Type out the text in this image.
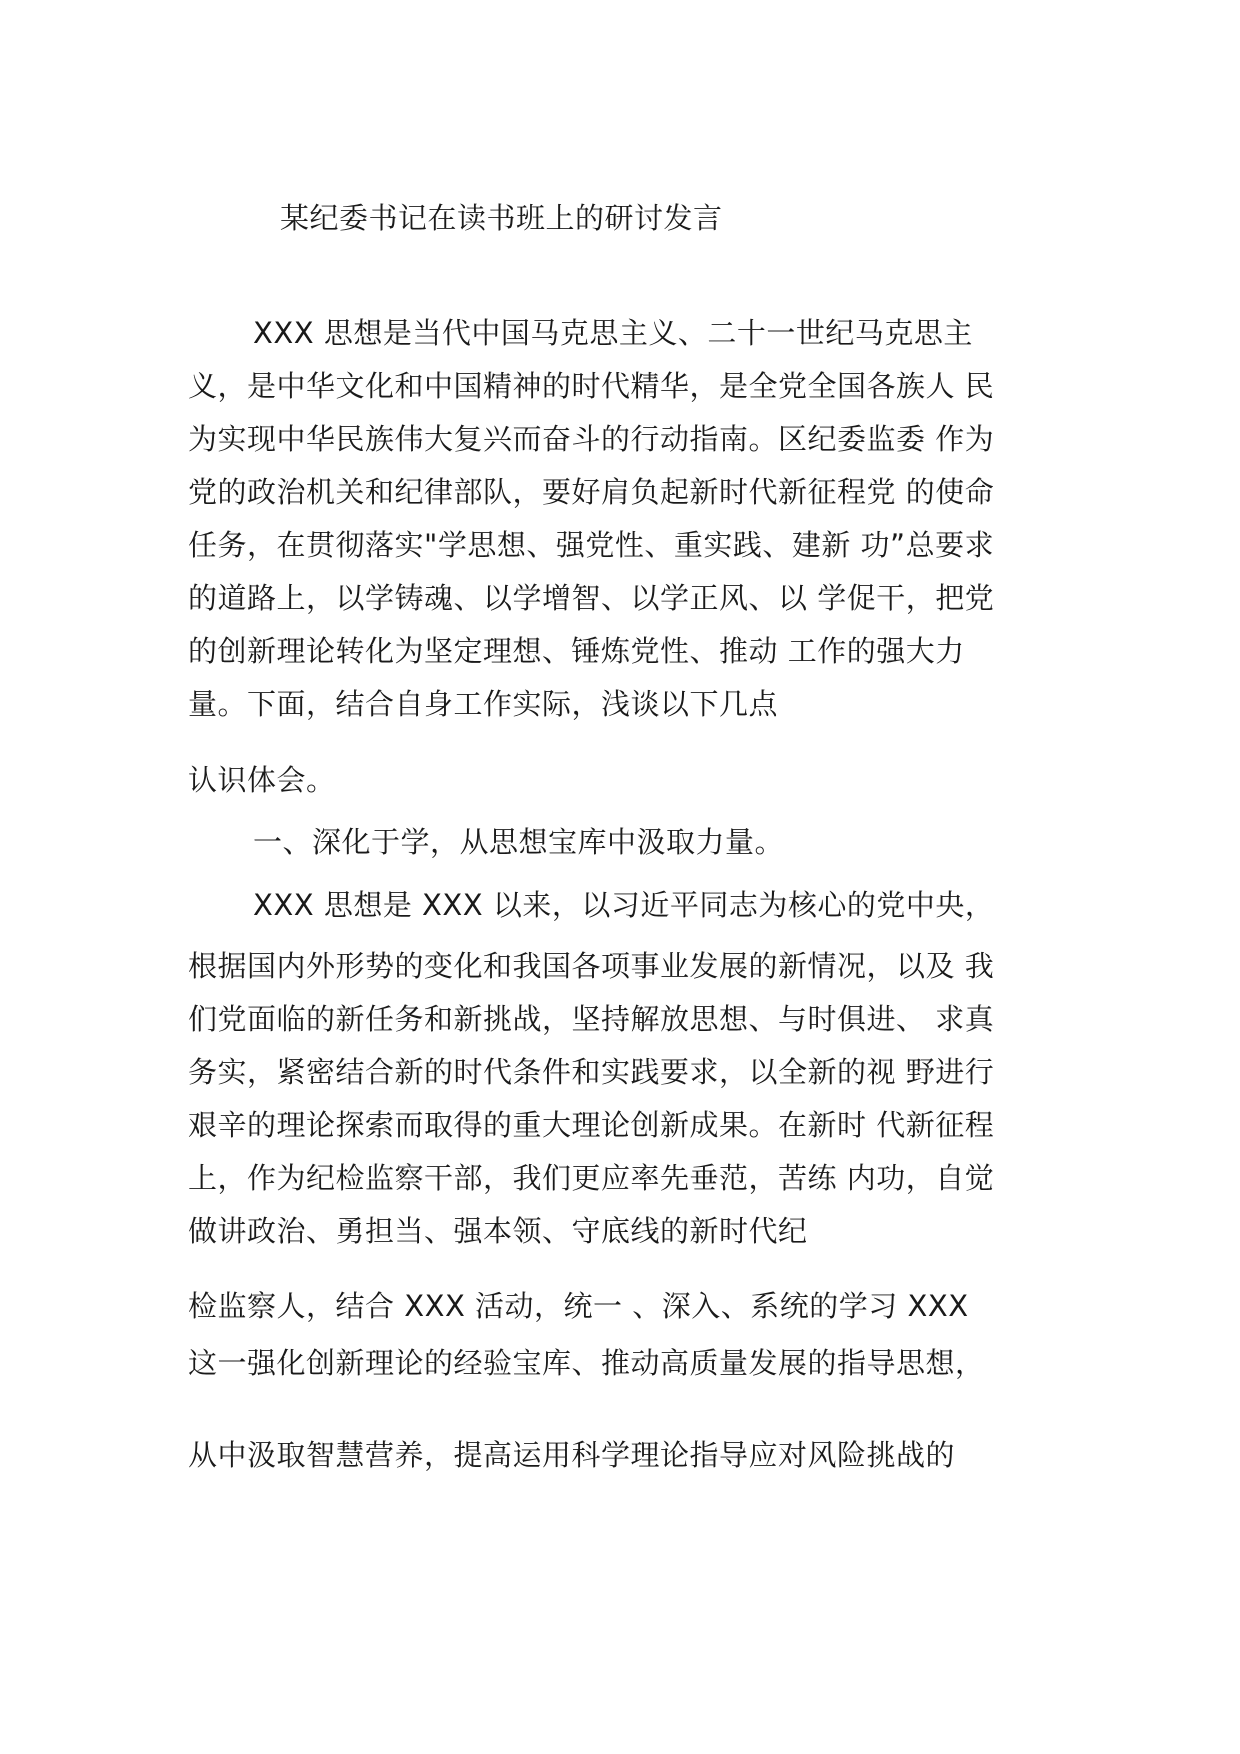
某纪委书记在读书班上的研讨发言
XXX 思想是当代中国马克思主义、二十一世纪马克思主
义，是中华文化和中国精神的时代精华，是全党全国各族人 民
为实现中华民族伟大复兴而奋斗的行动指南。区纪委监委 作为
党的政治机关和纪律部队，要好肩负起新时代新征程党 的使命
任务，在贯彻落实"学思想、强党性、重实践、建新 功”总要求
的道路上，以学铸魂、以学增智、以学正风、以 学促干，把党
的创新理论转化为坚定理想、锤炼党性、推动 工作的强大力
量。下面，结合自身工作实际，浅谈以下几点
认识体会。
一、深化于学，从思想宝库中汲取力量。
XXX 思想是 XXX 以来，以习近平同志为核心的党中央，
根据国内外形势的变化和我国各项事业发展的新情况，以及 我
们党面临的新任务和新挑战，坚持解放思想、与时俱进、 求真
务实，紧密结合新的时代条件和实践要求，以全新的视 野进行
艰辛的理论探索而取得的重大理论创新成果。在新时 代新征程
上，作为纪检监察干部，我们更应率先垂范，苦练 内功，自觉
做讲政治、勇担当、强本领、守底线的新时代纪
检监察人，结合 XXX 活动，统一 、深入、系统的学习 XXX
这一强化创新理论的经验宝库、推动高质量发展的指导思想，
从中汲取智慧营养，提高运用科学理论指导应对风险挑战的
